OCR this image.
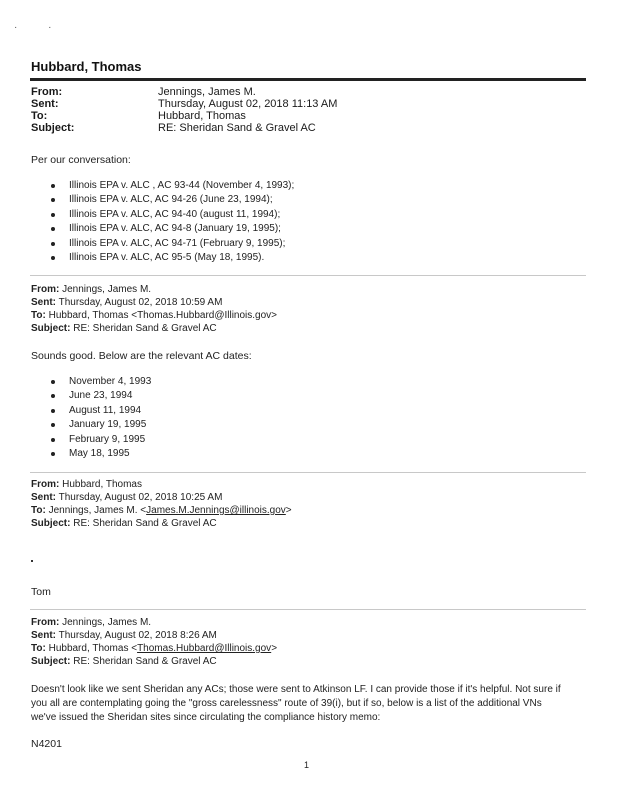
· ·
Hubbard, Thomas
From:	Jennings, James M.
Sent:	Thursday, August 02, 2018 11:13 AM
To:	Hubbard, Thomas
Subject:	RE: Sheridan Sand & Gravel AC
Per our conversation:
Illinois EPA v. ALC , AC 93-44 (November 4, 1993);
Illinois EPA v. ALC, AC 94-26 (June 23, 1994);
Illinois EPA v. ALC, AC 94-40 (august 11, 1994);
Illinois EPA v. ALC, AC 94-8 (January 19, 1995);
Illinois EPA v. ALC, AC 94-71 (February 9, 1995);
Illinois EPA v. ALC, AC 95-5 (May 18, 1995).
From: Jennings, James M.
Sent: Thursday, August 02, 2018 10:59 AM
To: Hubbard, Thomas <Thomas.Hubbard@Illinois.gov>
Subject: RE: Sheridan Sand & Gravel AC
Sounds good. Below are the relevant AC dates:
November 4, 1993
June 23, 1994
August 11, 1994
January 19, 1995
February 9, 1995
May 18, 1995
From: Hubbard, Thomas
Sent: Thursday, August 02, 2018 10:25 AM
To: Jennings, James M. <James.M.Jennings@illinois.gov>
Subject: RE: Sheridan Sand & Gravel AC
Tom
From: Jennings, James M.
Sent: Thursday, August 02, 2018 8:26 AM
To: Hubbard, Thomas <Thomas.Hubbard@Illinois.gov>
Subject: RE: Sheridan Sand & Gravel AC
Doesn't look like we sent Sheridan any ACs; those were sent to Atkinson LF. I can provide those if it's helpful. Not sure if
you all are contemplating going the "gross carelessness" route of 39(i), but if so, below is a list of the additional VNs
we've issued the Sheridan sites since circulating the compliance history memo:
N4201
1
